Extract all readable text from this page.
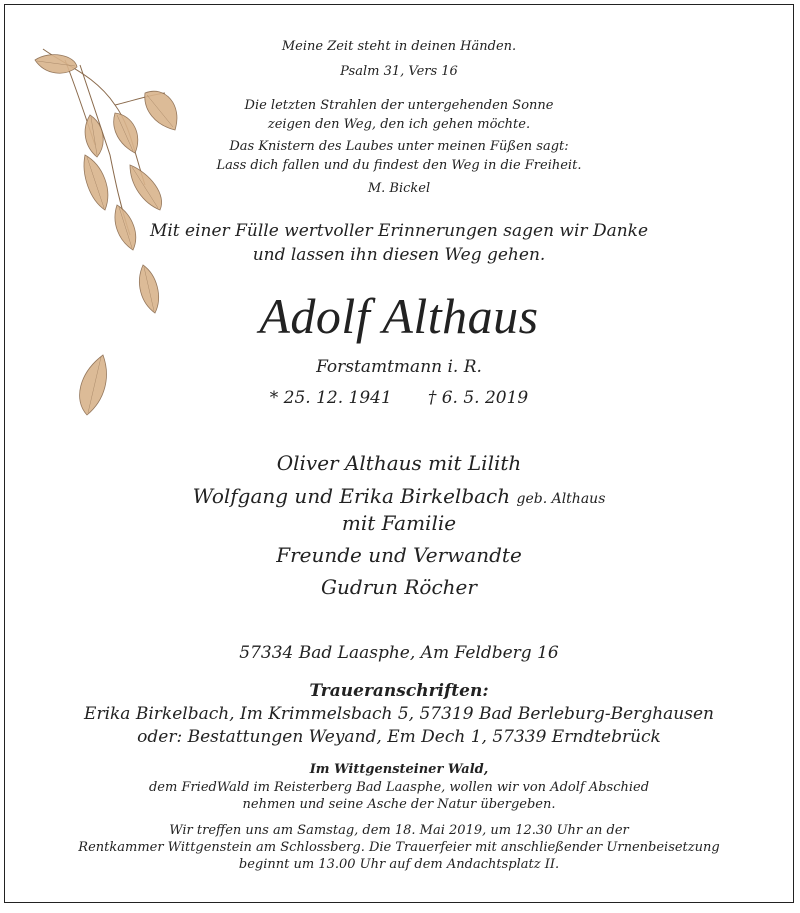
Meine Zeit steht in deinen Händen.
Psalm 31, Vers 16
Die letzten Strahlen der untergehenden Sonne
zeigen den Weg, den ich gehen möchte.
Das Knistern des Laubes unter meinen Füßen sagt:
Lass dich fallen und du findest den Weg in die Freiheit.
M. Bickel
Mit einer Fülle wertvoller Erinnerungen sagen wir Danke
und lassen ihn diesen Weg gehen.
Adolf Althaus
Forstamtmann i. R.
* 25. 12. 1941 † 6. 5. 2019
Oliver Althaus mit Lilith
Wolfgang und Erika Birkelbach geb. Althaus
mit Familie
Freunde und Verwandte
Gudrun Röcher
57334 Bad Laasphe, Am Feldberg 16
Traueranschriften:
Erika Birkelbach, Im Krimmelsbach 5, 57319 Bad Berleburg-Berghausen
oder: Bestattungen Weyand, Em Dech 1, 57339 Erndtebrück
Im Wittgensteiner Wald,
dem FriedWald im Reisterberg Bad Laasphe, wollen wir von Adolf Abschied
nehmen und seine Asche der Natur übergeben.
Wir treffen uns am Samstag, dem 18. Mai 2019, um 12.30 Uhr an der
Rentkammer Wittgenstein am Schlossberg. Die Trauerfeier mit anschließender Urnenbeisetzung
beginnt um 13.00 Uhr auf dem Andachtsplatz II.
